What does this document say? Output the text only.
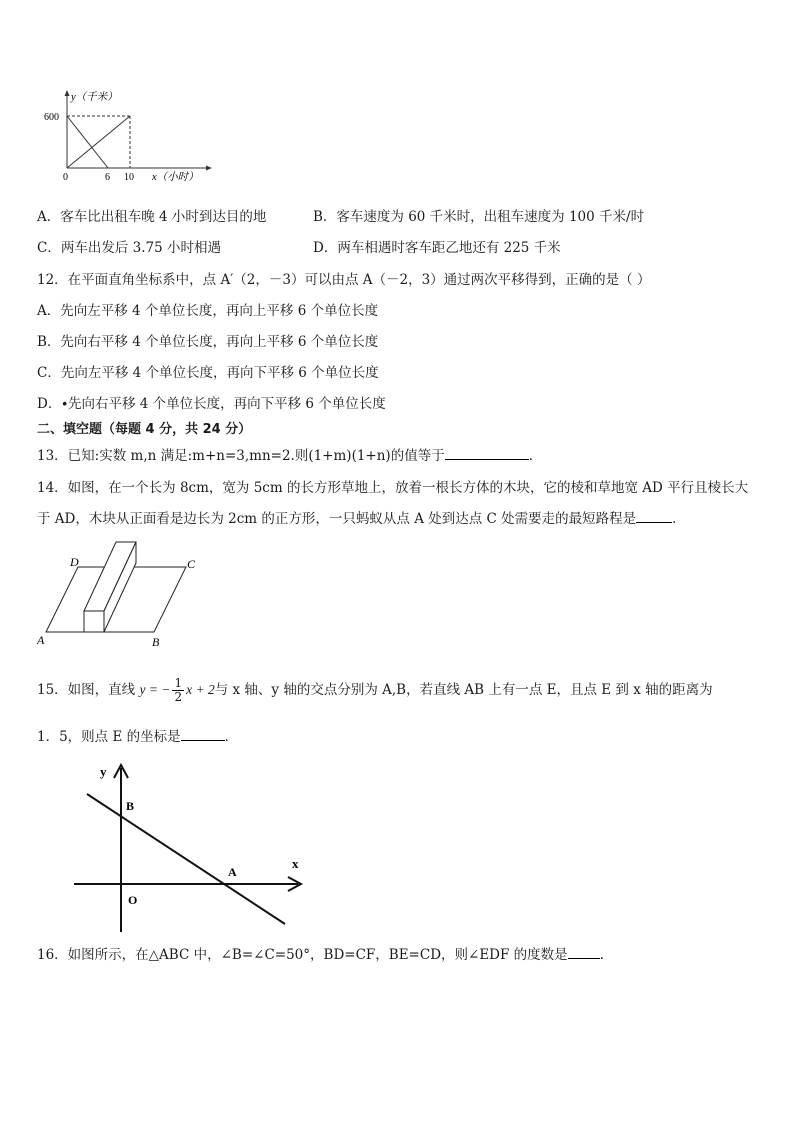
y（千米）
600
0	6 10 x（小时）
A．客车比出租车晚 4 小时到达目的地	B．客车速度为 60 千米时，出租车速度为 100 千米/时
C．两车出发后 3.75 小时相遇	D．两车相遇时客车距乙地还有 225 千米
12．在平面直角坐标系中，点 A′（2，－3）可以由点 A（－2，3）通过两次平移得到，正确的是（ ）
A．先向左平移 4 个单位长度，再向上平移 6 个单位长度
B．先向右平移 4 个单位长度，再向上平移 6 个单位长度
C．先向左平移 4 个单位长度，再向下平移 6 个单位长度
D．∙先向右平移 4 个单位长度，再向下平移 6 个单位长度
二、填空题（每题 4 分，共 24 分）
13．已知:实数 m,n 满足:m+n=3,mn=2.则(1+m)(1+n)的值等于	．
14．如图，在一个长为 8cm，宽为 5cm 的长方形草地上，放着一根长方体的木块，它的棱和草地宽 AD 平行且棱长大
于 AD，木块从正面看是边长为 2cm 的正方形，一只蚂蚁从点 A 处到达点 C 处需要走的最短路程是	．
D	C
A	B
15．如图，直线 y = − $\frac{1}{2}$ x + 2与 x 轴、y 轴的交点分别为 A,B，若直线 AB 上有一点 E，且点 E 到 x 轴的距离为
1．5，则点 E 的坐标是	．
y
B
x
A
O
16．如图所示，在△ABC 中，∠B=∠C=50°，BD=CF，BE=CD，则∠EDF 的度数是 .
